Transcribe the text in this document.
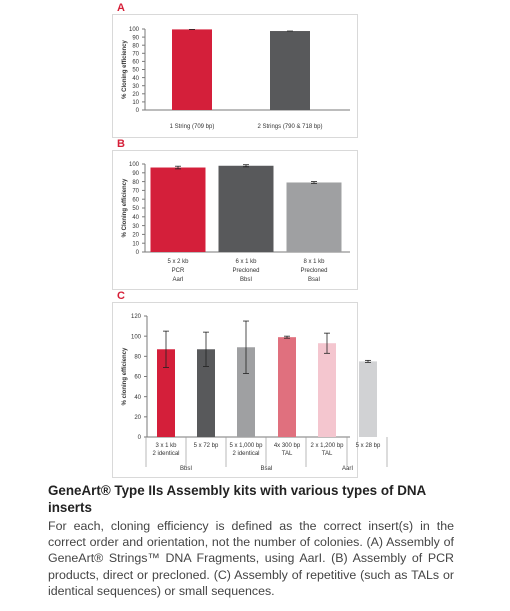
A
B
C
0
10
20
30
40
50
60
70
80
90
100
% Cloning efficiency
1 String (709 bp)	2 Strings (790 & 718 bp)
0
10
20
30
40
50
60
70
80
90
100
% Cloning efficiency
5 x 2 kb
PCR
AarI
6 x 1 kb
Precloned
BbsI
8 x 1 kb
Precloned
BsaI
0
20
40
60
80
100
120
% cloning efficiency
3 x 1 kb
2 identical
5 x 72 bp 5 x 1,000 bp
2 identical
4x 300 bp
TAL
2 x 1,200 bp
TAL
5 x 28 bp
BbsI	BsaI	AarI

GeneArt® Type IIs Assembly kits with various types of DNA inserts

For each, cloning efficiency is defined as the correct insert(s) in the correct order and orientation, not the number of colonies. (A) Assembly of GeneArt® Strings™ DNA Fragments, using AarI. (B) Assembly of PCR products, direct or precloned. (C) Assembly of repetitive (such as TALs or identical sequences) or small sequences.
